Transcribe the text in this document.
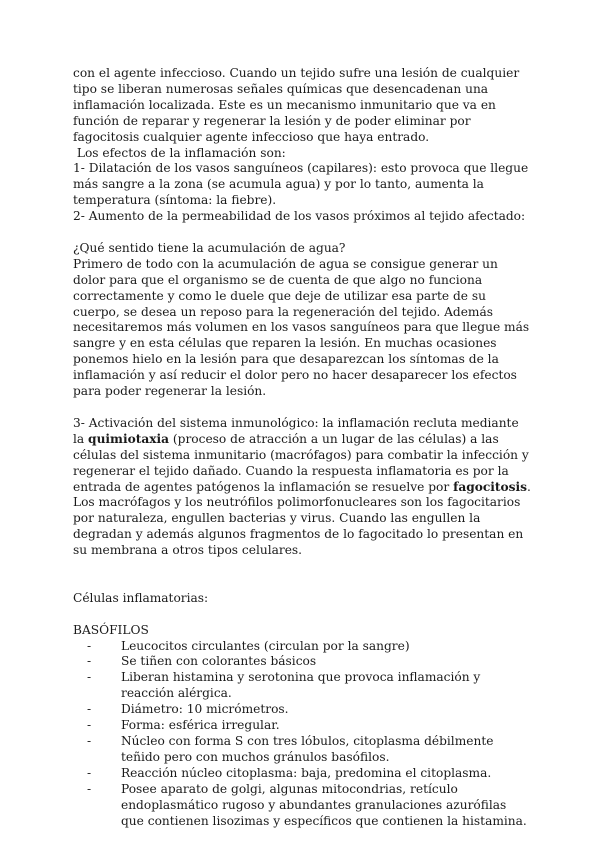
con el agente infeccioso. Cuando un tejido sufre una lesión de cualquier tipo se liberan numerosas señales químicas que desencadenan una inflamación localizada. Este es un mecanismo inmunitario que va en función de reparar y regenerar la lesión y de poder eliminar por fagocitosis cualquier agente infeccioso que haya entrado.

Los efectos de la inflamación son:

1- Dilatación de los vasos sanguíneos (capilares): esto provoca que llegue más sangre a la zona (se acumula agua) y por lo tanto, aumenta la temperatura (síntoma: la fiebre).

2- Aumento de la permeabilidad de los vasos próximos al tejido afectado:

¿Qué sentido tiene la acumulación de agua?

Primero de todo con la acumulación de agua se consigue generar un dolor para que el organismo se de cuenta de que algo no funciona correctamente y como le duele que deje de utilizar esa parte de su cuerpo, se desea un reposo para la regeneración del tejido. Además necesitaremos más volumen en los vasos sanguíneos para que llegue más sangre y en esta células que reparen la lesión. En muchas ocasiones ponemos hielo en la lesión para que desaparezcan los síntomas de la inflamación y así reducir el dolor pero no hacer desaparecer los efectos para poder regenerar la lesión.

3- Activación del sistema inmunológico: la inflamación recluta mediante la quimiotaxia (proceso de atracción a un lugar de las células) a las células del sistema inmunitario (macrófagos) para combatir la infección y regenerar el tejido dañado. Cuando la respuesta inflamatoria es por la entrada de agentes patógenos la inflamación se resuelve por fagocitosis. Los macrófagos y los neutrófilos polimorfonucleares son los fagocitarios por naturaleza, engullen bacterias y virus. Cuando las engullen la degradan y además algunos fragmentos de lo fagocitado lo presentan en su membrana a otros tipos celulares.

Células inflamatorias:

BASÓFILOS

- Leucocitos circulantes (circulan por la sangre)
- Se tiñen con colorantes básicos
- Liberan histamina y serotonina que provoca inflamación y reacción alérgica.
- Diámetro: 10 micrómetros.
- Forma: esférica irregular.
- Núcleo con forma S con tres lóbulos, citoplasma débilmente teñido pero con muchos gránulos basófilos.
- Reacción núcleo citoplasma: baja, predomina el citoplasma.
- Posee aparato de golgi, algunas mitocondrias, retículo endoplasmático rugoso y abundantes granulaciones azurófilas que contienen lisozimas y específicos que contienen la histamina.
